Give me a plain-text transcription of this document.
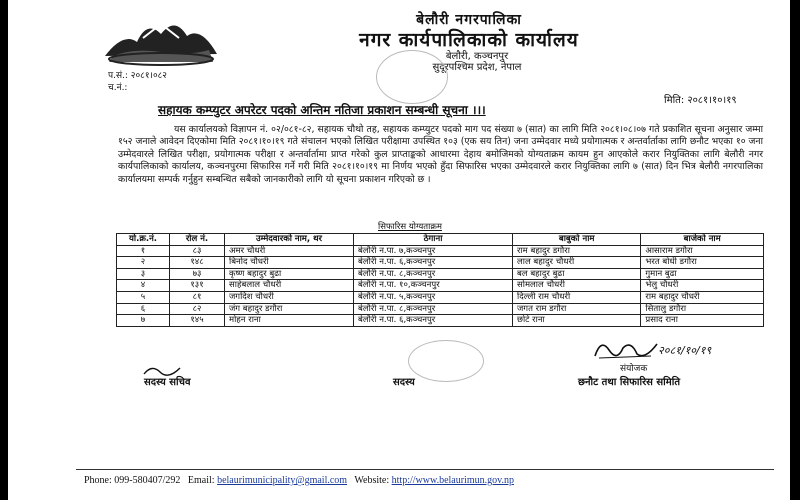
बेलौरी नगरपालिका
नगर कार्यपालिकाको कार्यालय
बेलौरी, कञ्चनपुर
सुदूरपश्चिम प्रदेश, नेपाल
प.सं.: २०८१।०८२
च.नं.:
मिति: २०८१।१०।१९
सहायक कम्प्युटर अपरेटर पदको अन्तिम नतिजा प्रकाशन सम्बन्धी सूचना ।।।
यस कार्यालयको विज्ञापन नं. ०२/०८१-८२, सहायक चौथो तह, सहायक कम्प्युटर पदको माग पद संख्या ७ (सात) का लागि मिति २०८१।०८।०७ गते प्रकाशित सूचना अनुसार जम्मा १५२ जनाले आवेदन दिएकोमा मिति २०८१।१०।१९ गते संचालन भएको लिखित परीक्षामा उपस्थित १०३ (एक सय तिन) जना उम्मेदवार मध्ये प्रयोगात्मक र अन्तर्वार्ताका लागि छनौट भएका १० जना उम्मेदवारले लिखित परीक्षा, प्रयोगात्मक परीक्षा र अन्तर्वार्तामा प्राप्त गरेको कुल प्राप्ताङ्कको आधारमा देहाय बमोजिमको योग्यताक्रम कायम हुन आएकोले करार नियुक्तिका लागि बेलौरी नगर कार्यपालिकाको कार्यालय, कञ्चनपुरमा सिफारिस गर्ने गरी मिति २०८१।१०।१९ मा निर्णय भएको हुँदा सिफारिस भएका उम्मेदवारले करार नियुक्तिका लागि ७ (सात) दिन भित्र बेलौरी नगरपालिका कार्यालयमा सम्पर्क गर्नुहुन सम्बन्धित सबैको जानकारीको लागि यो सूचना प्रकाशन गरिएको छ ।
सिफारिस योग्यताक्रम
यो.क्र.नं.	रोल नं.	उम्मेदवारको नाम, थर	ठेगाना	बाबुको नाम	बाजेको नाम
१	८३	अमर चौधरी	बेलौरी न.पा. ७,कञ्चनपुर	राम बहादुर डगौरा	आसाराम डगौरा
२	१४८	बिनोद चौधरी	बेलौरी न.पा. ६,कञ्चनपुर	लाल बहादुर चौधरी	भरत बोधी डगौरा
३	७३	कृष्ण बहादुर बुढा	बेलौरी न.पा. ८,कञ्चनपुर	बल बहादुर बुढा	गुमान बुढा
४	१३१	साहेबलाल चौधरी	बेलौरी न.पा. १०,कञ्चनपुर	सोमलाल चौधरी	भेलु चौधरी
५	८१	जगदिश चौधरी	बेलौरी न.पा. ५,कञ्चनपुर	दिल्ली राम चौधरी	राम बहादुर चौधरी
६	८२	जंग बहादुर डगौरा	बेलौरी न.पा. ८,कञ्चनपुर	जगत राम डगौरा	सितालु डगौरा
७	१४५	मोहन राना	बेलौरी न.पा. ६,कञ्चनपुर	छोटे राना	प्रसाद राना
२०८१/१०/१९
संयोजक
सदस्य सचिव	सदस्य	छनौट तथा सिफारिस समिति
Phone: 099-580407/292 Email: belaurimunicipality@gmail.com Website: http://www.belaurimun.gov.np
